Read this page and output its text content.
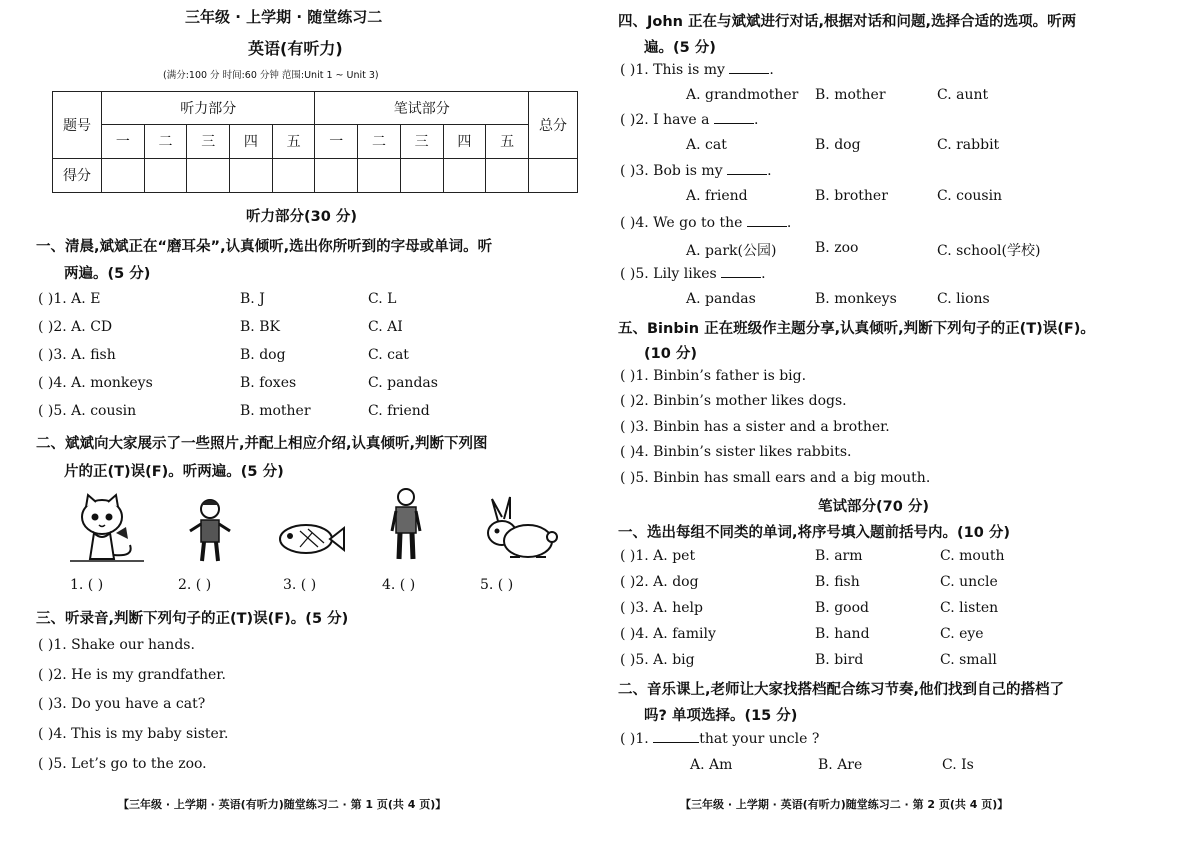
三年级 · 上学期 · 随堂练习二
英语(有听力)
(满分:100 分 时间:60 分钟 范围:Unit 1 ~ Unit 3)
题号	听力部分					笔试部分					总分
	一	二	三	四	五	一	二	三	四	五	
得分											
听力部分(30 分)
一、清晨,斌斌正在“磨耳朵”,认真倾听,选出你所听到的字母或单词。听
两遍。(5 分)
( )1. A. E	B. J	C. L
( )2. A. CD	B. BK	C. AI
( )3. A. fish	B. dog	C. cat
( )4. A. monkeys	B. foxes	C. pandas
( )5. A. cousin	B. mother	C. friend
二、斌斌向大家展示了一些照片,并配上相应介绍,认真倾听,判断下列图
片的正(T)误(F)。听两遍。(5 分)
1. ( )	2. ( )	3. ( )	4. ( )	5. ( )
三、听录音,判断下列句子的正(T)误(F)。(5 分)
( )1. Shake our hands.
( )2. He is my grandfather.
( )3. Do you have a cat?
( )4. This is my baby sister.
( )5. Let’s go to the zoo.
【三年级 · 上学期 · 英语(有听力)随堂练习二 · 第 1 页(共 4 页)】
四、John 正在与斌斌进行对话,根据对话和问题,选择合适的选项。听两
遍。(5 分)
( )1. This is my	.
A. grandmother B. mother	C. aunt
( )2. I have a	.
A. cat	B. dog	C. rabbit
( )3. Bob is my	.
A. friend	B. brother	C. cousin
( )4. We go to the	.
A. park(公园)	B. zoo	C. school(学校)
( )5. Lily likes	.
A. pandas	B. monkeys	C. lions
五、Binbin 正在班级作主题分享,认真倾听,判断下列句子的正(T)误(F)。
(10 分)
( )1. Binbin’s father is big.
( )2. Binbin’s mother likes dogs.
( )3. Binbin has a sister and a brother.
( )4. Binbin’s sister likes rabbits.
( )5. Binbin has small ears and a big mouth.
笔试部分(70 分)
一、选出每组不同类的单词,将序号填入题前括号内。(10 分)
( )1. A. pet	B. arm	C. mouth
( )2. A. dog	B. fish	C. uncle
( )3. A. help	B. good	C. listen
( )4. A. family	B. hand	C. eye
( )5. A. big	B. bird	C. small
二、音乐课上,老师让大家找搭档配合练习节奏,他们找到自己的搭档了
吗? 单项选择。(15 分)
( )1.	that your uncle ?
A. Am	B. Are	C. Is
【三年级 · 上学期 · 英语(有听力)随堂练习二 · 第 2 页(共 4 页)】
